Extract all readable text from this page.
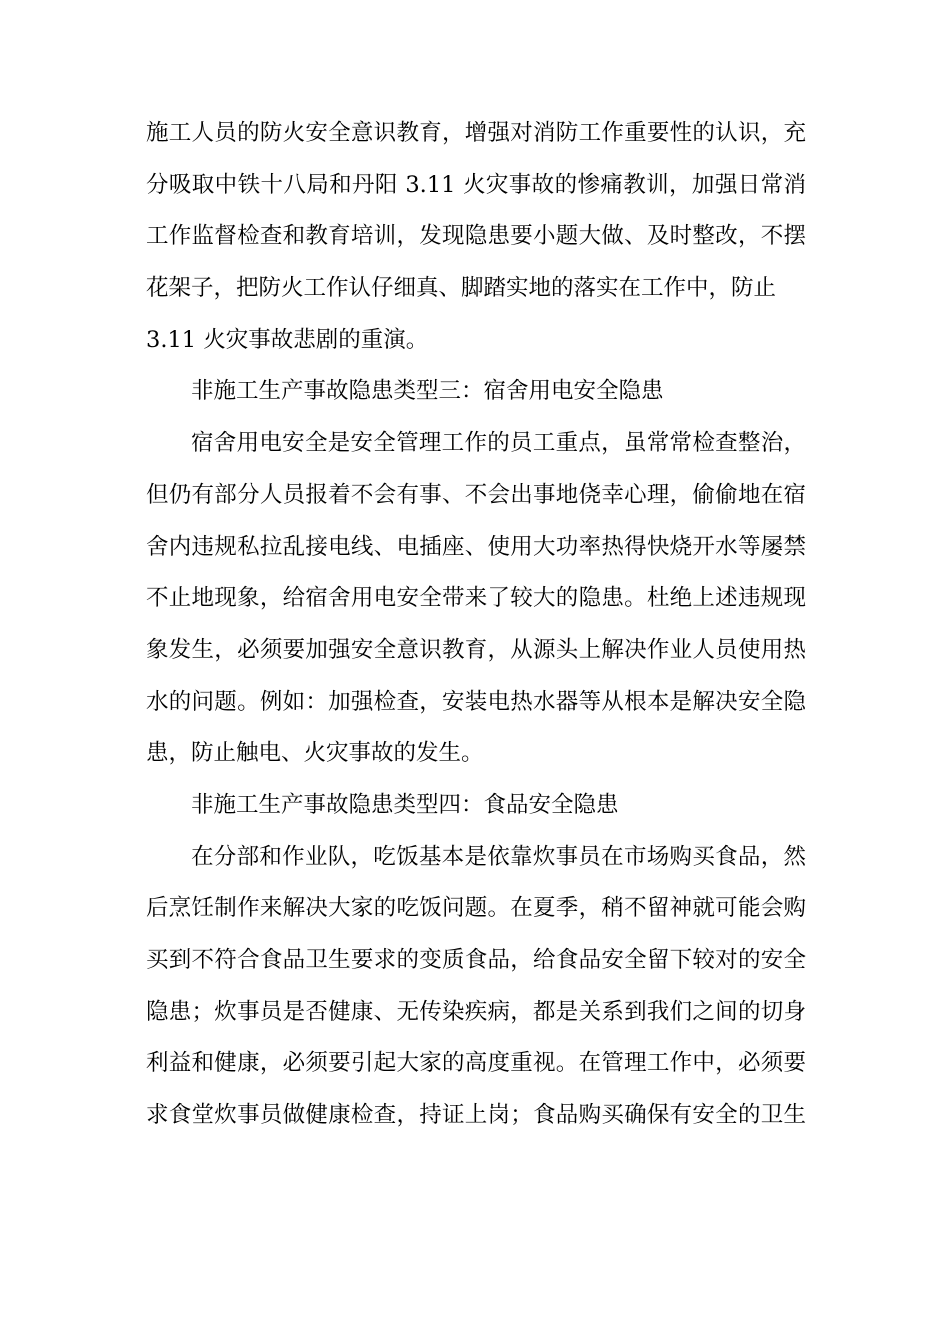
施工人员的防火安全意识教育，增强对消防工作重要性的认识，充
分吸取中铁十八局和丹阳 3.11 火灾事故的惨痛教训，加强日常消
工作监督检查和教育培训，发现隐患要小题大做、及时整改，不摆
花架子，把防火工作认仔细真、脚踏实地的落实在工作中，防止
3.11 火灾事故悲剧的重演。
非施工生产事故隐患类型三：宿舍用电安全隐患
宿舍用电安全是安全管理工作的员工重点，虽常常检查整治，
但仍有部分人员报着不会有事、不会出事地侥幸心理，偷偷地在宿
舍内违规私拉乱接电线、电插座、使用大功率热得快烧开水等屡禁
不止地现象，给宿舍用电安全带来了较大的隐患。杜绝上述违规现
象发生，必须要加强安全意识教育，从源头上解决作业人员使用热
水的问题。例如：加强检查，安装电热水器等从根本是解决安全隐
患，防止触电、火灾事故的发生。
非施工生产事故隐患类型四：食品安全隐患
在分部和作业队，吃饭基本是依靠炊事员在市场购买食品，然
后烹饪制作来解决大家的吃饭问题。在夏季，稍不留神就可能会购
买到不符合食品卫生要求的变质食品，给食品安全留下较对的安全
隐患；炊事员是否健康、无传染疾病，都是关系到我们之间的切身
利益和健康，必须要引起大家的高度重视。在管理工作中，必须要
求食堂炊事员做健康检查，持证上岗；食品购买确保有安全的卫生
